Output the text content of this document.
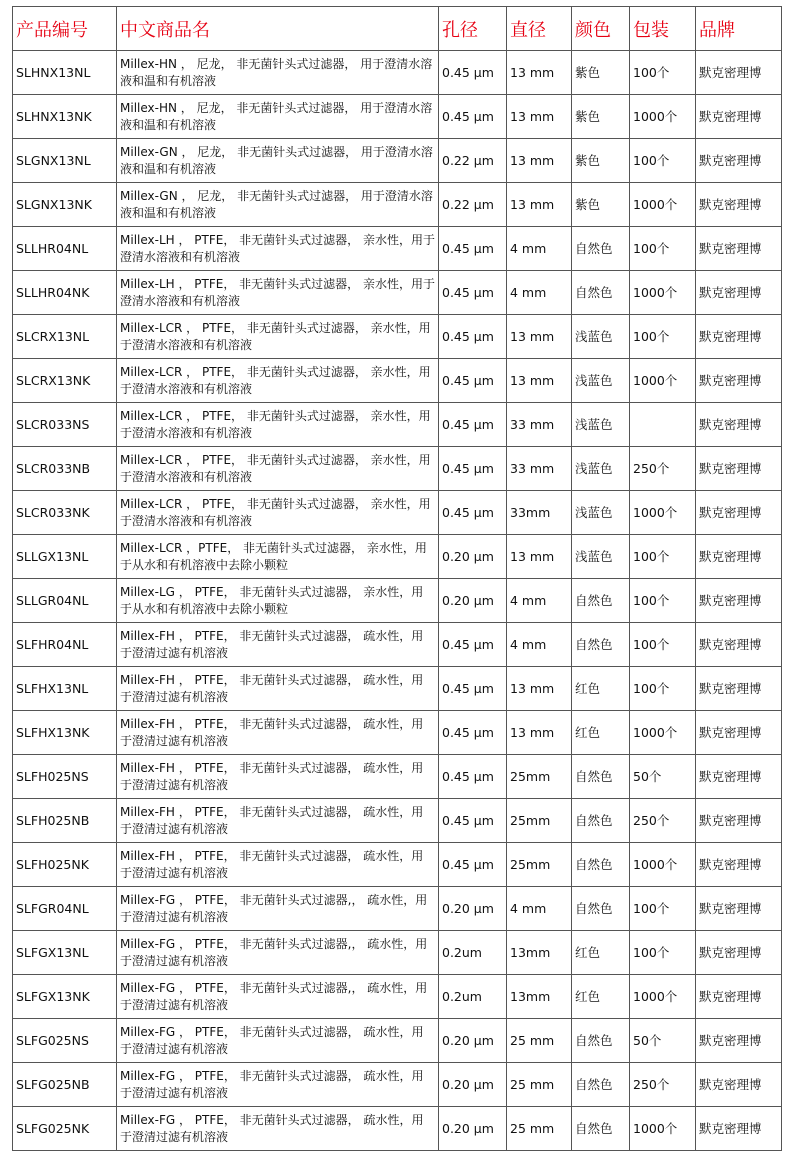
产品编号	中文商品名	孔径	直径	颜色	包装	品牌
SLHNX13NL	Millex-HN ， 尼龙， 非无菌针头式过滤器， 用于澄清水溶液和温和有机溶液	0.45 μm	13 mm	紫色	100个	默克密理博
SLHNX13NK	Millex-HN ， 尼龙， 非无菌针头式过滤器， 用于澄清水溶液和温和有机溶液	0.45 μm	13 mm	紫色	1000个	默克密理博
SLGNX13NL	Millex-GN ， 尼龙， 非无菌针头式过滤器， 用于澄清水溶液和温和有机溶液	0.22 μm	13 mm	紫色	100个	默克密理博
SLGNX13NK	Millex-GN ， 尼龙， 非无菌针头式过滤器， 用于澄清水溶液和温和有机溶液	0.22 μm	13 mm	紫色	1000个	默克密理博
SLLHR04NL	Millex-LH ， PTFE， 非无菌针头式过滤器， 亲水性，用于澄清水溶液和有机溶液	0.45 μm	4 mm	自然色	100个	默克密理博
SLLHR04NK	Millex-LH ， PTFE， 非无菌针头式过滤器， 亲水性，用于澄清水溶液和有机溶液	0.45 μm	4 mm	自然色	1000个	默克密理博
SLCRX13NL	Millex-LCR ， PTFE， 非无菌针头式过滤器， 亲水性，用于澄清水溶液和有机溶液	0.45 μm	13 mm	浅蓝色	100个	默克密理博
SLCRX13NK	Millex-LCR ， PTFE， 非无菌针头式过滤器， 亲水性，用于澄清水溶液和有机溶液	0.45 μm	13 mm	浅蓝色	1000个	默克密理博
SLCR033NS	Millex-LCR ， PTFE， 非无菌针头式过滤器， 亲水性，用于澄清水溶液和有机溶液	0.45 μm	33 mm	浅蓝色		默克密理博
SLCR033NB	Millex-LCR ， PTFE， 非无菌针头式过滤器， 亲水性，用于澄清水溶液和有机溶液	0.45 μm	33 mm	浅蓝色	250个	默克密理博
SLCR033NK	Millex-LCR ， PTFE， 非无菌针头式过滤器， 亲水性，用于澄清水溶液和有机溶液	0.45 μm	33mm	浅蓝色	1000个	默克密理博
SLLGX13NL	Millex-LCR ，PTFE， 非无菌针头式过滤器， 亲水性，用于从水和有机溶液中去除小颗粒	0.20 μm	13 mm	浅蓝色	100个	默克密理博
SLLGR04NL	Millex-LG ， PTFE， 非无菌针头式过滤器， 亲水性，用于从水和有机溶液中去除小颗粒	0.20 μm	4 mm	自然色	100个	默克密理博
SLFHR04NL	Millex-FH ， PTFE， 非无菌针头式过滤器， 疏水性，用于澄清过滤有机溶液	0.45 μm	4 mm	自然色	100个	默克密理博
SLFHX13NL	Millex-FH ， PTFE， 非无菌针头式过滤器， 疏水性，用于澄清过滤有机溶液	0.45 μm	13 mm	红色	100个	默克密理博
SLFHX13NK	Millex-FH ， PTFE， 非无菌针头式过滤器， 疏水性，用于澄清过滤有机溶液	0.45 μm	13 mm	红色	1000个	默克密理博
SLFH025NS	Millex-FH ， PTFE， 非无菌针头式过滤器， 疏水性，用于澄清过滤有机溶液	0.45 μm	25mm	自然色	50个	默克密理博
SLFH025NB	Millex-FH ， PTFE， 非无菌针头式过滤器， 疏水性，用于澄清过滤有机溶液	0.45 μm	25mm	自然色	250个	默克密理博
SLFH025NK	Millex-FH ， PTFE， 非无菌针头式过滤器， 疏水性，用于澄清过滤有机溶液	0.45 μm	25mm	自然色	1000个	默克密理博
SLFGR04NL	Millex-FG ， PTFE， 非无菌针头式过滤器,， 疏水性，用于澄清过滤有机溶液	0.20 μm	4 mm	自然色	100个	默克密理博
SLFGX13NL	Millex-FG ， PTFE， 非无菌针头式过滤器,， 疏水性，用于澄清过滤有机溶液	0.2um	13mm	红色	100个	默克密理博
SLFGX13NK	Millex-FG ， PTFE， 非无菌针头式过滤器,， 疏水性，用于澄清过滤有机溶液	0.2um	13mm	红色	1000个	默克密理博
SLFG025NS	Millex-FG ， PTFE， 非无菌针头式过滤器， 疏水性，用于澄清过滤有机溶液	0.20 μm	25 mm	自然色	50个	默克密理博
SLFG025NB	Millex-FG ， PTFE， 非无菌针头式过滤器， 疏水性，用于澄清过滤有机溶液	0.20 μm	25 mm	自然色	250个	默克密理博
SLFG025NK	Millex-FG ， PTFE， 非无菌针头式过滤器， 疏水性，用于澄清过滤有机溶液	0.20 μm	25 mm	自然色	1000个	默克密理博
